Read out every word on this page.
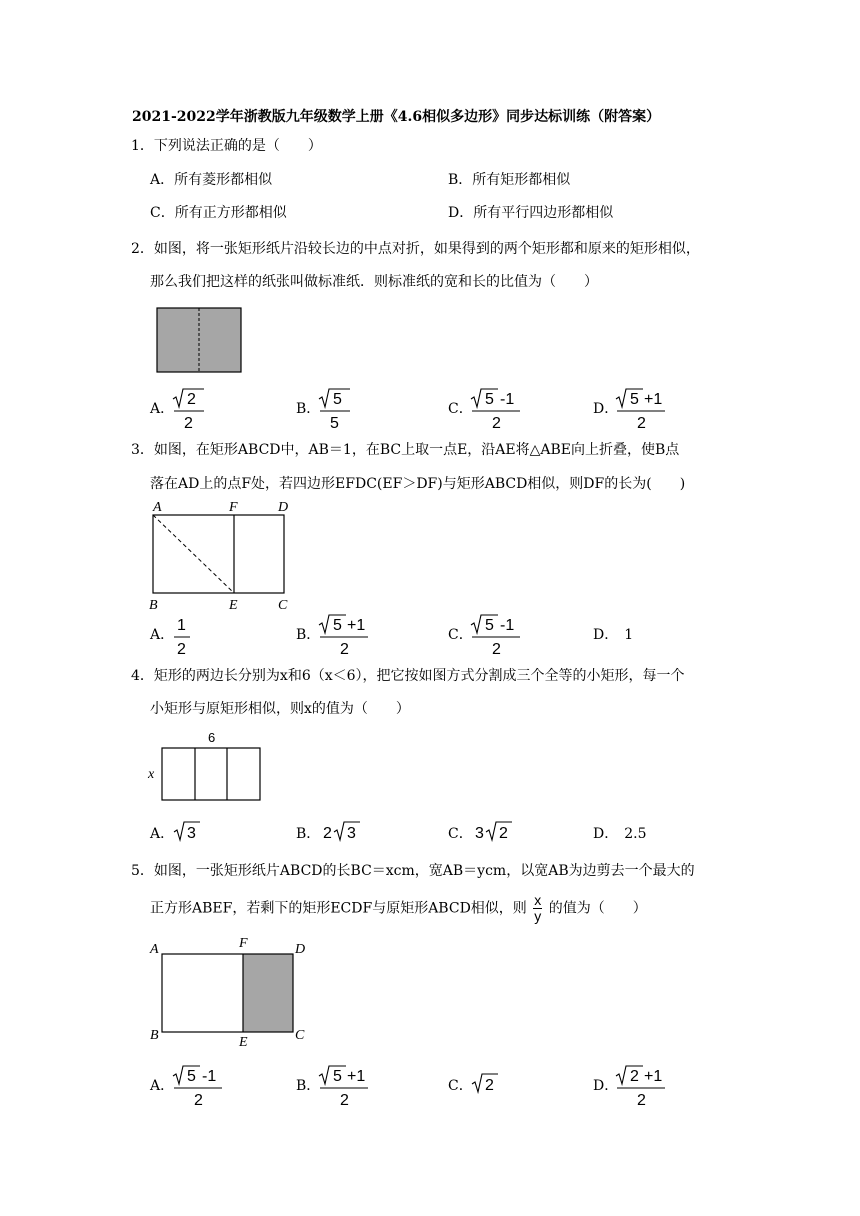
2021-2022学年浙教版九年级数学上册《4.6相似多边形》同步达标训练（附答案）
1．下列说法正确的是（　　）
A．所有菱形都相似	B．所有矩形都相似
C．所有正方形都相似	D．所有平行四边形都相似
2．如图，将一张矩形纸片沿较长边的中点对折，如果得到的两个矩形都和原来的矩形相似，
那么我们把这样的纸张叫做标准纸．则标准纸的宽和长的比值为（　　）
A．
2
2
B．
5
5
C．
5 -1
2
D．
5 +1
2
3．如图，在矩形ABCD中，AB＝1，在BC上取一点E，沿AE将△ABE向上折叠，使B点
落在AD上的点F处，若四边形EFDC(EF＞DF)与矩形ABCD相似，则DF的长为(　　)
A	F	D
B	E	C
A．
1
2
B．
5 +1
2
C．
5 -1
2
D． 1
4．矩形的两边长分别为x和6（x＜6），把它按如图方式分割成三个全等的小矩形，每一个
小矩形与原矩形相似，则x的值为（　　）
6
x
A． 3	B． 2 3	C． 3 2	D． 2.5
5．如图，一张矩形纸片ABCD的长BC＝xcm，宽AB＝ycm，以宽AB为边剪去一个最大的
正方形ABEF，若剩下的矩形ECDF与原矩形ABCD相似，则 $\frac{x}{y}$ 的值为（　　）
A	F	D
B	E	C
A．
5 -1
2
B．
5 +1
2
C． 2	D．
2 +1
2
